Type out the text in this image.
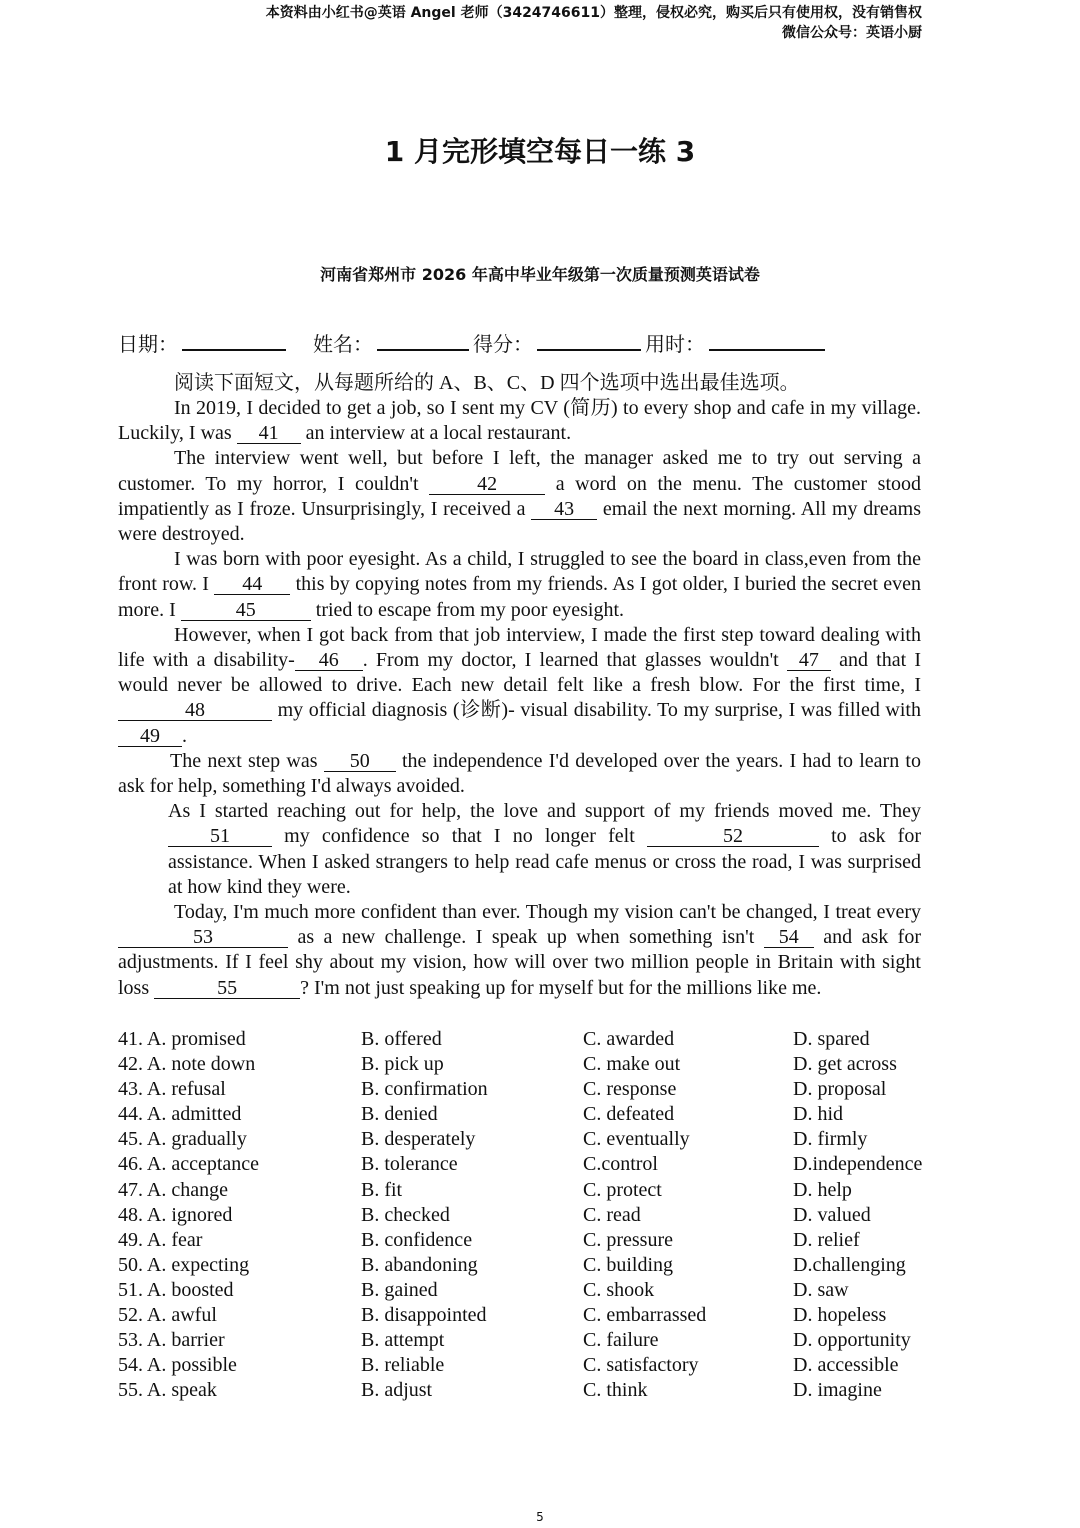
本资料由小红书@英语 Angel 老师（3424746611）整理，侵权必究，购买后只有使用权，没有销售权
微信公众号：英语小厨
1 月完形填空每日一练 3
河南省郑州市 2026 年高中毕业年级第一次质量预测英语试卷
日期：	姓名：	得分：	用时：
阅读下面短文，从每题所给的 A、B、C、D 四个选项中选出最佳选项。

In 2019, I decided to get a job, so I sent my CV (简历) to every shop and cafe in my village. Luckily, I was 41 an interview at a local restaurant.

The interview went well, but before I left, the manager asked me to try out serving a customer. To my horror, I couldn't 42 a word on the menu. The customer stood impatiently as I froze. Unsurprisingly, I received a 43 email the next morning. All my dreams were destroyed.

I was born with poor eyesight. As a child, I struggled to see the board in class,even from the front row. I 44 this by copying notes from my friends. As I got older, I buried the secret even more. I	45	tried to escape from my poor eyesight.

However, when I got back from that job interview, I made the first step toward dealing with life with a disability- 46 . From my doctor, I learned that glasses wouldn't 47 and that I would never be allowed to drive. Each new detail felt like a fresh blow. For the first time, I 48	my official diagnosis (诊断)- visual disability. To my surprise, I was filled with 49 .

The next step was 50 the independence I'd developed over the years. I had to learn to ask for help, something I'd always avoided.

As I started reaching out for help, the love and support of my friends moved me. They 51 my confidence so that I no longer felt	52	to ask for assistance. When I asked strangers to help read cafe menus or cross the road, I was surprised at how kind they were.

Today, I'm much more confident than ever. Though my vision can't be changed, I treat every 53	as a new challenge. I speak up when something isn't 54 and ask for adjustments. If I feel shy about my vision, how will over two million people in Britain with sight loss	55	? I'm not just speaking up for myself but for the millions like me.

41. A. promised	B. offered	C. awarded	D. spared
42. A. note down	B. pick up	C. make out	D. get across
43. A. refusal	B. confirmation	C. response	D. proposal
44. A. admitted	B. denied	C. defeated	D. hid
45. A. gradually	B. desperately	C. eventually	D. firmly
46. A. acceptance	B. tolerance	C.control	D.independence
47. A. change	B. fit	C. protect	D. help
48. A. ignored	B. checked	C. read	D. valued
49. A. fear	B. confidence	C. pressure	D. relief
50. A. expecting	B. abandoning	C. building	D.challenging
51. A. boosted	B. gained	C. shook	D. saw
52. A. awful	B. disappointed	C. embarrassed	D. hopeless
53. A. barrier	B. attempt	C. failure	D. opportunity
54. A. possible	B. reliable	C. satisfactory	D. accessible
55. A. speak	B. adjust	C. think	D. imagine
5
